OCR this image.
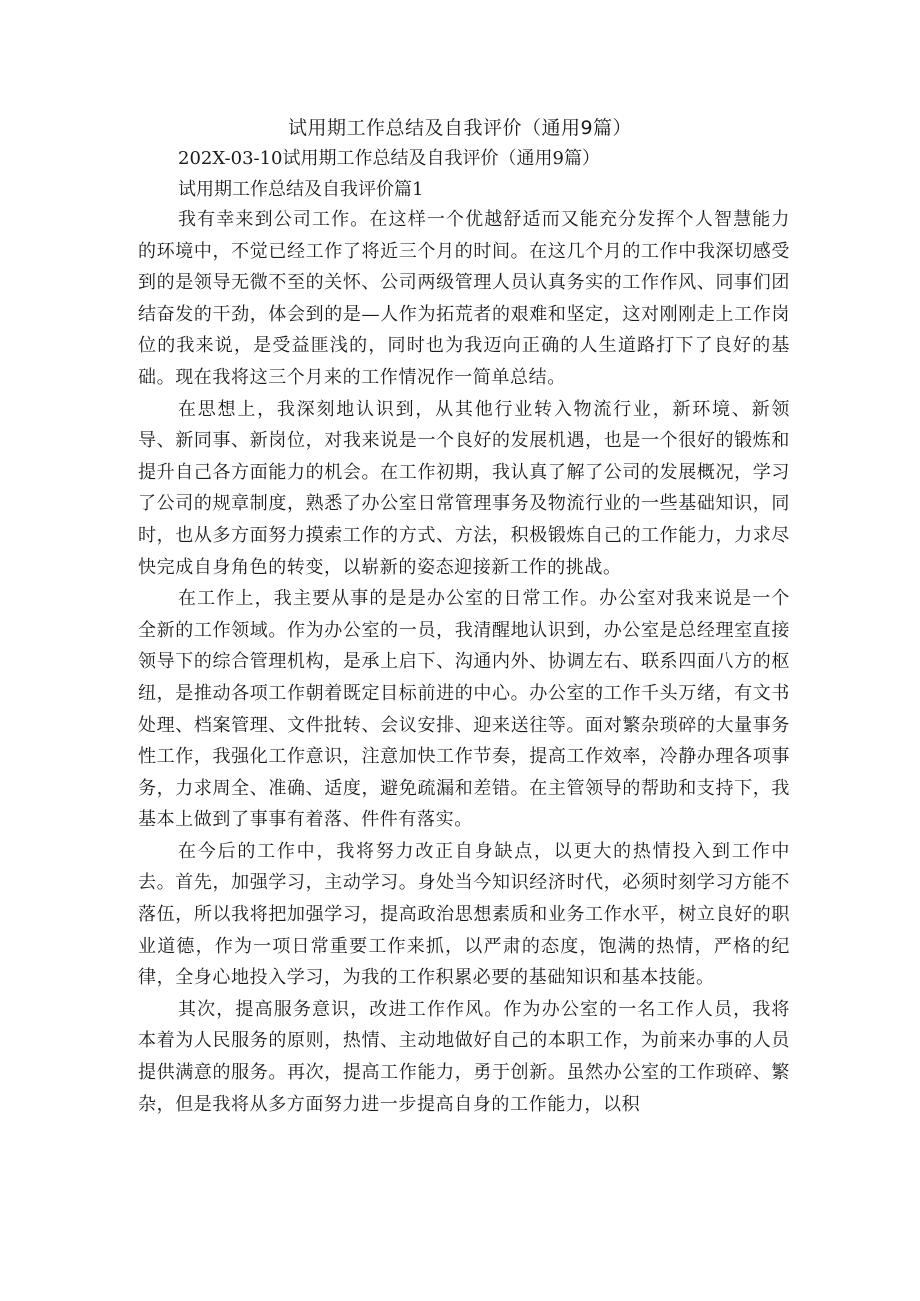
试用期工作总结及自我评价（通用9篇）
202X-03-10试用期工作总结及自我评价（通用9篇）
试用期工作总结及自我评价篇1

我有幸来到公司工作。在这样一个优越舒适而又能充分发挥个人智慧能力的环境中，不觉已经工作了将近三个月的时间。在这几个月的工作中我深切感受到的是领导无微不至的关怀、公司两级管理人员认真务实的工作作风、同事们团结奋发的干劲，体会到的是—人作为拓荒者的艰难和坚定，这对刚刚走上工作岗位的我来说，是受益匪浅的，同时也为我迈向正确的人生道路打下了良好的基础。现在我将这三个月来的工作情况作一简单总结。

在思想上，我深刻地认识到，从其他行业转入物流行业，新环境、新领导、新同事、新岗位，对我来说是一个良好的发展机遇，也是一个很好的锻炼和提升自己各方面能力的机会。在工作初期，我认真了解了公司的发展概况，学习了公司的规章制度，熟悉了办公室日常管理事务及物流行业的一些基础知识，同时，也从多方面努力摸索工作的方式、方法，积极锻炼自己的工作能力，力求尽快完成自身角色的转变，以崭新的姿态迎接新工作的挑战。

在工作上，我主要从事的是是办公室的日常工作。办公室对我来说是一个全新的工作领域。作为办公室的一员，我清醒地认识到，办公室是总经理室直接领导下的综合管理机构，是承上启下、沟通内外、协调左右、联系四面八方的枢纽，是推动各项工作朝着既定目标前进的中心。办公室的工作千头万绪，有文书处理、档案管理、文件批转、会议安排、迎来送往等。面对繁杂琐碎的大量事务性工作，我强化工作意识，注意加快工作节奏，提高工作效率，冷静办理各项事务，力求周全、准确、适度，避免疏漏和差错。在主管领导的帮助和支持下，我基本上做到了事事有着落、件件有落实。

在今后的工作中，我将努力改正自身缺点，以更大的热情投入到工作中去。首先，加强学习，主动学习。身处当今知识经济时代，必须时刻学习方能不落伍，所以我将把加强学习，提高政治思想素质和业务工作水平，树立良好的职业道德，作为一项日常重要工作来抓，以严肃的态度，饱满的热情，严格的纪律，全身心地投入学习，为我的工作积累必要的基础知识和基本技能。

其次，提高服务意识，改进工作作风。作为办公室的一名工作人员，我将本着为人民服务的原则，热情、主动地做好自己的本职工作，为前来办事的人员提供满意的服务。再次，提高工作能力，勇于创新。虽然办公室的工作琐碎、繁杂，但是我将从多方面努力进一步提高自身的工作能力，以积
